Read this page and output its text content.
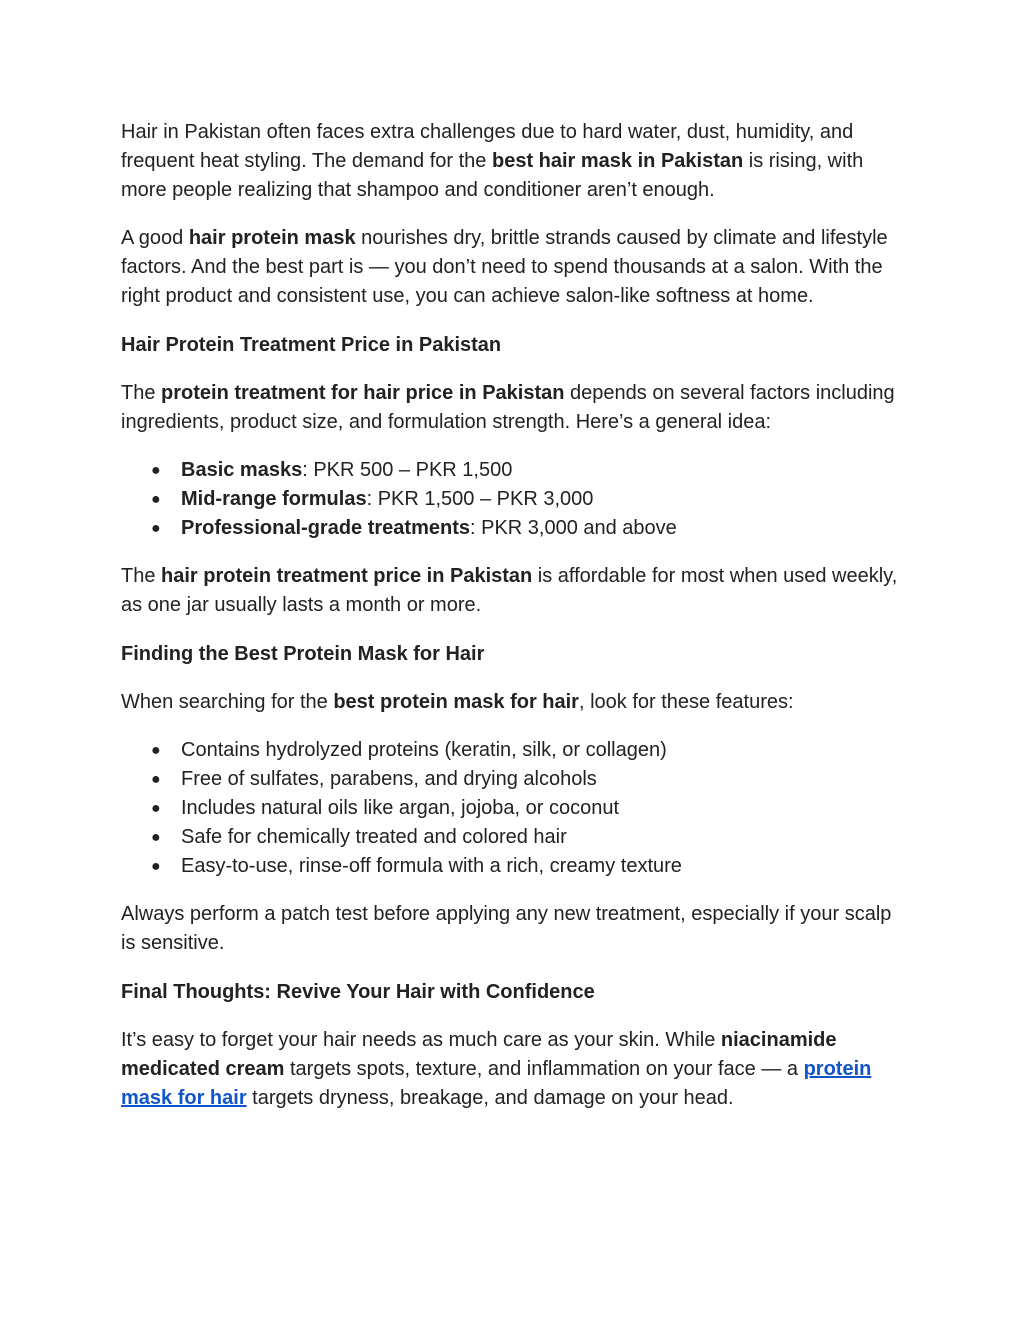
Hair in Pakistan often faces extra challenges due to hard water, dust, humidity, and frequent heat styling. The demand for the best hair mask in Pakistan is rising, with more people realizing that shampoo and conditioner aren’t enough.

A good hair protein mask nourishes dry, brittle strands caused by climate and lifestyle factors. And the best part is — you don’t need to spend thousands at a salon. With the right product and consistent use, you can achieve salon-like softness at home.

Hair Protein Treatment Price in Pakistan

The protein treatment for hair price in Pakistan depends on several factors including ingredients, product size, and formulation strength. Here’s a general idea:

● Basic masks: PKR 500 – PKR 1,500
● Mid-range formulas: PKR 1,500 – PKR 3,000
● Professional-grade treatments: PKR 3,000 and above

The hair protein treatment price in Pakistan is affordable for most when used weekly, as one jar usually lasts a month or more.

Finding the Best Protein Mask for Hair

When searching for the best protein mask for hair, look for these features:

● Contains hydrolyzed proteins (keratin, silk, or collagen)
● Free of sulfates, parabens, and drying alcohols
● Includes natural oils like argan, jojoba, or coconut
● Safe for chemically treated and colored hair
● Easy-to-use, rinse-off formula with a rich, creamy texture

Always perform a patch test before applying any new treatment, especially if your scalp is sensitive.

Final Thoughts: Revive Your Hair with Confidence

It’s easy to forget your hair needs as much care as your skin. While niacinamide medicated cream targets spots, texture, and inflammation on your face — a protein mask for hair targets dryness, breakage, and damage on your head.
